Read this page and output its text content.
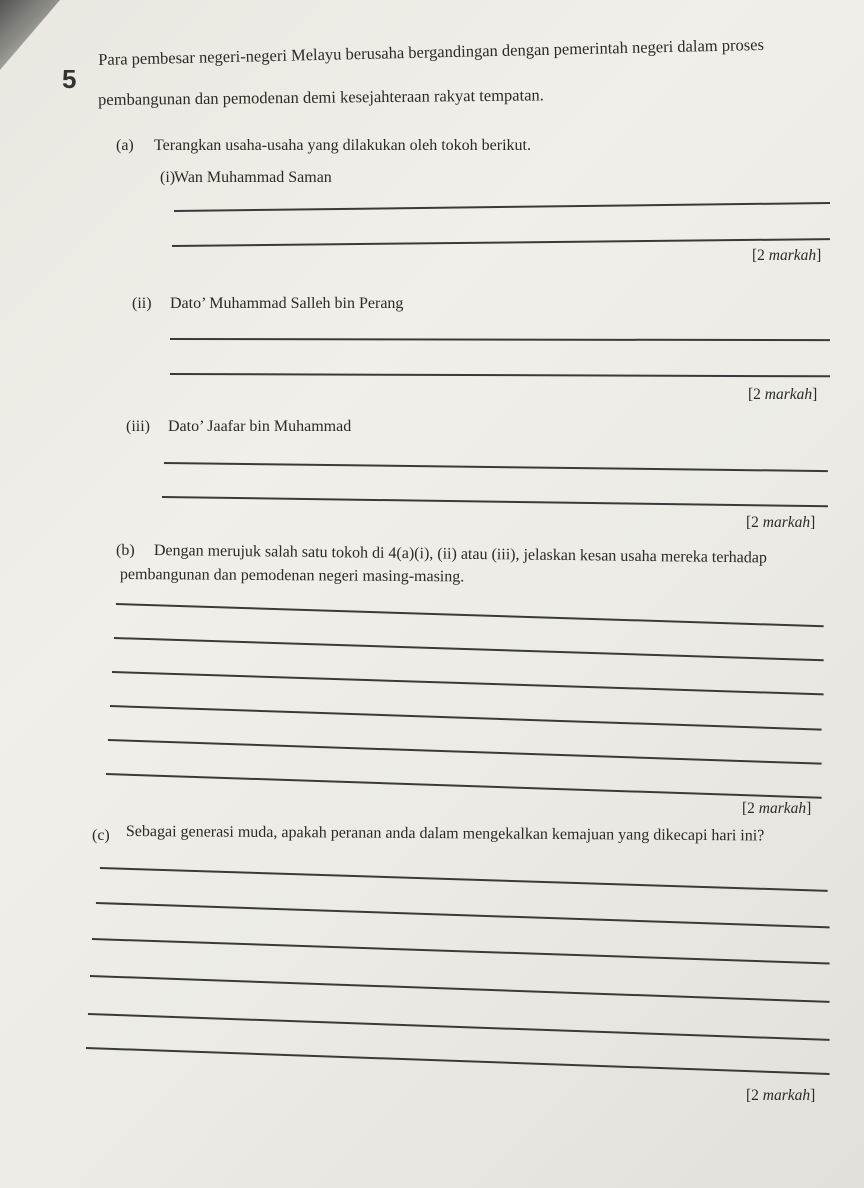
5
Para pembesar negeri-negeri Melayu berusaha bergandingan dengan pemerintah negeri dalam proses
pembangunan dan pemodenan demi kesejahteraan rakyat tempatan.
(a) Terangkan usaha-usaha yang dilakukan oleh tokoh berikut.
(i)
Wan Muhammad Saman
[2 markah]
(ii) Dato’ Muhammad Salleh bin Perang
[2 markah]
(iii) Dato’ Jaafar bin Muhammad
[2 markah]
(b) Dengan merujuk salah satu tokoh di 4(a)(i), (ii) atau (iii), jelaskan kesan usaha mereka terhadap
pembangunan dan pemodenan negeri masing-masing.
[2 markah]
(c) Sebagai generasi muda, apakah peranan anda dalam mengekalkan kemajuan yang dikecapi hari ini?
[2 markah]
